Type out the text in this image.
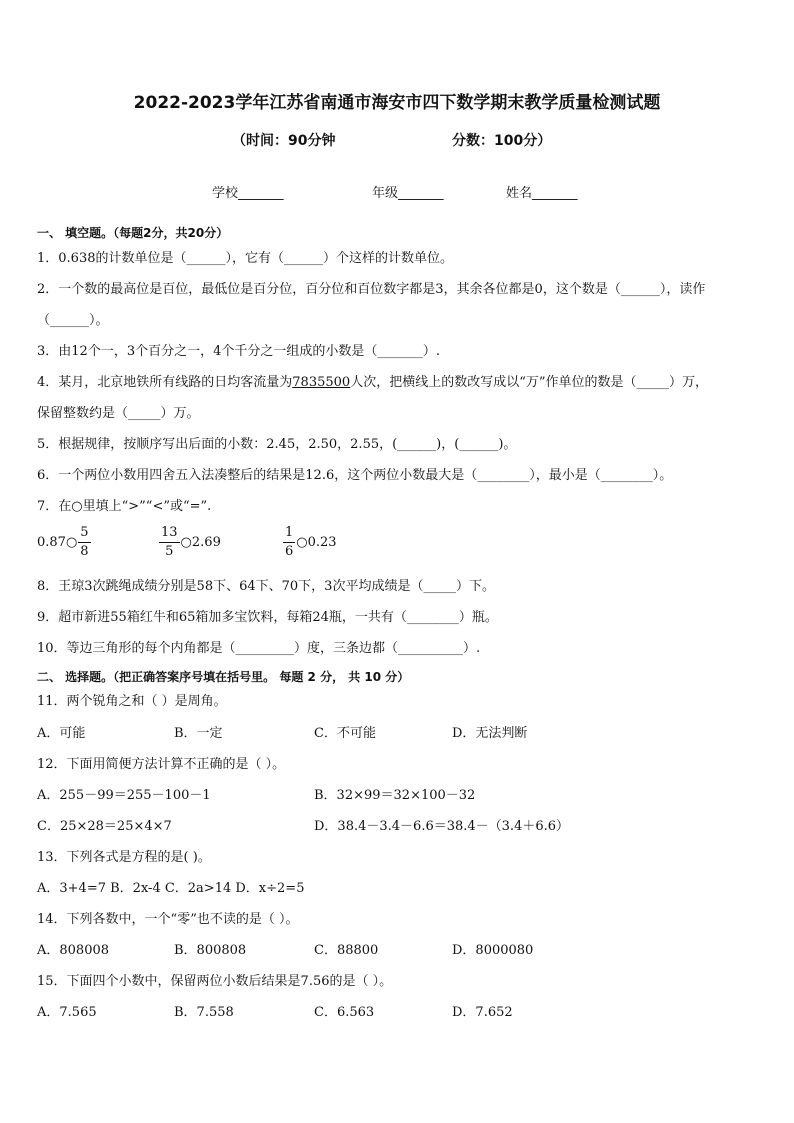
2022-2023学年江苏省南通市海安市四下数学期末教学质量检测试题
（时间：90分钟	分数：100分）
学校_______	年级_______	姓名_______
一、 填空题。（每题2分，共20分）
1．0.638的计数单位是（______），它有（______）个这样的计数单位。
2．一个数的最高位是百位，最低位是百分位，百分位和百位数字都是3，其余各位都是0，这个数是（______），读作
（______）。
3．由12个一，3个百分之一，4个千分之一组成的小数是（_______）.
4．某月，北京地铁所有线路的日均客流量为7835500人次，把横线上的数改写成以“万”作单位的数是（_____）万，
保留整数约是（_____）万。
5．根据规律，按顺序写出后面的小数：2.45，2.50，2.55，(______)，(______)。
6．一个两位小数用四舍五入法凑整后的结果是12.6，这个两位小数最大是（________），最小是（________）。
7．在○里填上“>”“<”或“=”.
0.87○ $\frac{5}{8}$	$\frac{13}{5}$ ○2.69	$\frac{1}{6}$ ○0.23
8．王琼3次跳绳成绩分别是58下、64下、70下，3次平均成绩是（_____）下。
9．超市新进55箱红牛和65箱加多宝饮料，每箱24瓶，一共有（________）瓶。
10．等边三角形的每个内角都是（_________）度，三条边都（__________）.
二、 选择题。（把正确答案序号填在括号里。 每题 2 分， 共 10 分）
11．两个锐角之和（ ）是周角。
A．可能	B．一定	C．不可能	D．无法判断
12．下面用简便方法计算不正确的是（ ）。
A．255－99＝255－100－1	B．32×99＝32×100－32
C．25×28＝25×4×7	D．38.4－3.4－6.6＝38.4－（3.4＋6.6）
13．下列各式是方程的是( )。
A．3+4=7 B．2x-4 C．2a>14 D．x÷2=5
14．下列各数中，一个“零”也不读的是（ ）。
A．808008	B．800808	C．88800	D．8000080
15．下面四个小数中，保留两位小数后结果是7.56的是（ ）。
A．7.565	B．7.558	C．6.563	D．7.652
